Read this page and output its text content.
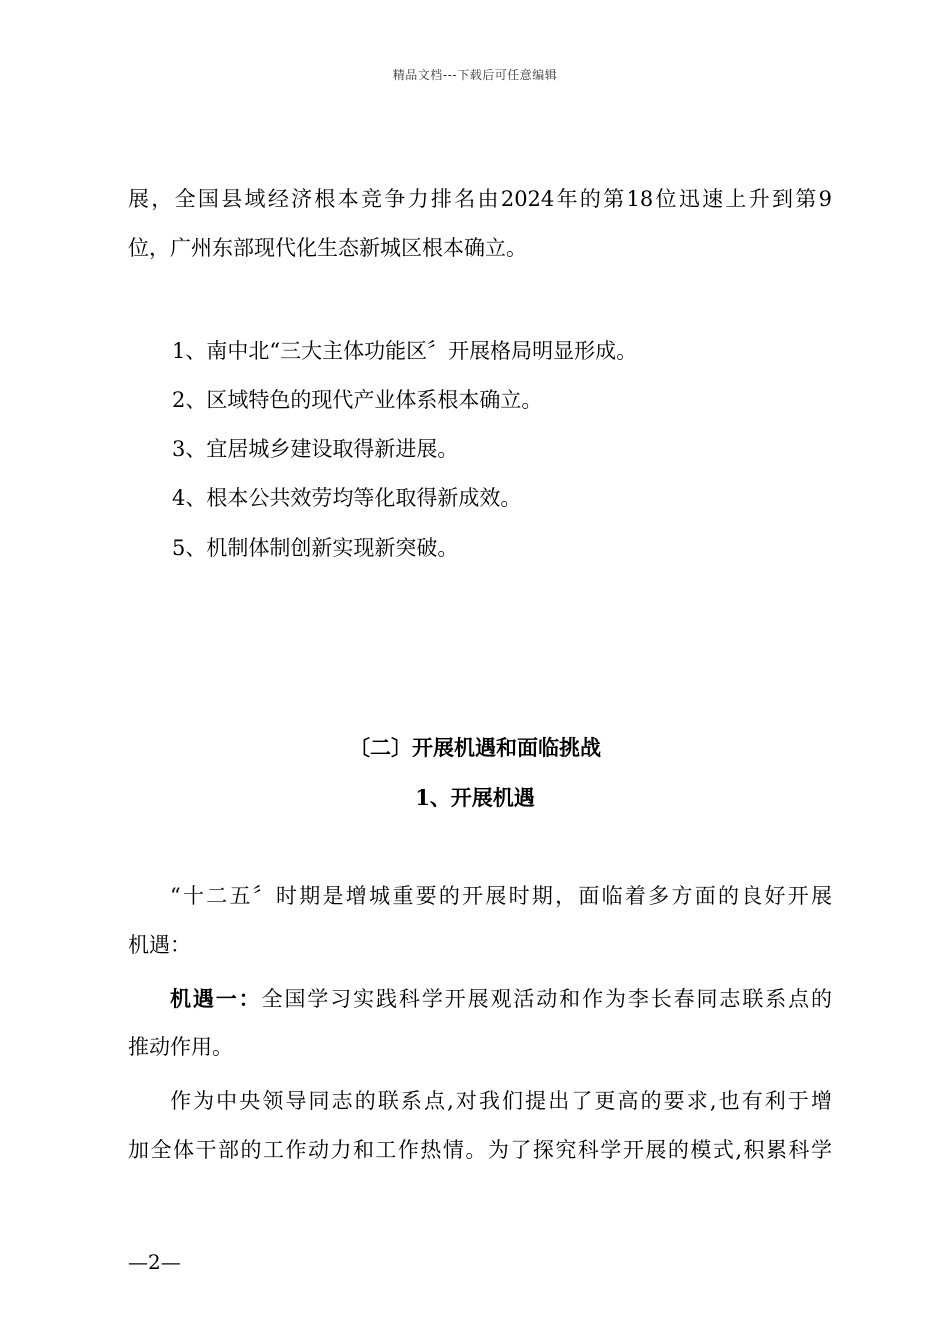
精品文档---下载后可任意编辑

展，全国县域经济根本竞争力排名由2024年的第18位迅速上升到第9

位，广州东部现代化生态新城区根本确立。

1、南中北“三大主体功能区〞开展格局明显形成。

2、区域特色的现代产业体系根本确立。

3、宜居城乡建设取得新进展。

4、根本公共效劳均等化取得新成效。

5、机制体制创新实现新突破。

〔二〕开展机遇和面临挑战

1、开展机遇

“十二五〞时期是增城重要的开展时期，面临着多方面的良好开展

机遇：

机遇一：全国学习实践科学开展观活动和作为李长春同志联系点的

推动作用。

作为中央领导同志的联系点,对我们提出了更高的要求,也有利于增

加全体干部的工作动力和工作热情。为了探究科学开展的模式,积累科学

—2—
